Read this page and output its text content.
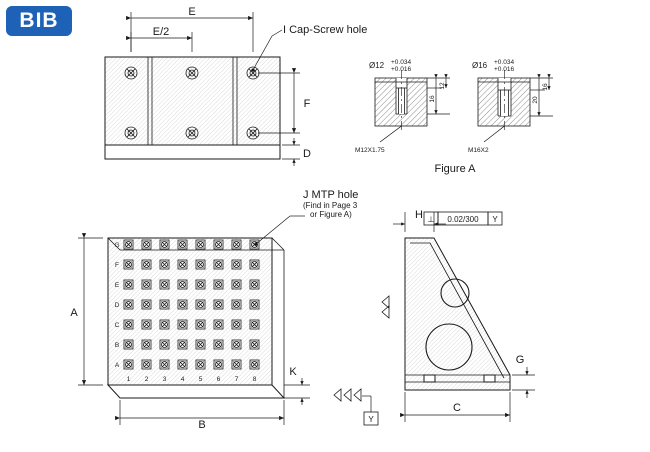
BIB	E
E/2
F
D
I Cap-Screw hole
16
12
Ø12 +0.034
+0.016
M12X1.75
20
16
Ø16 +0.034
+0.016
M16X2
Figure A
G
F
E
D
C
B
A
1 2 3 4 5 6 7 8
A
B
K
J MTP hole
(Find in Page 3
or Figure A)	H
G
C
⊥ 0.02/300 Y
Y
